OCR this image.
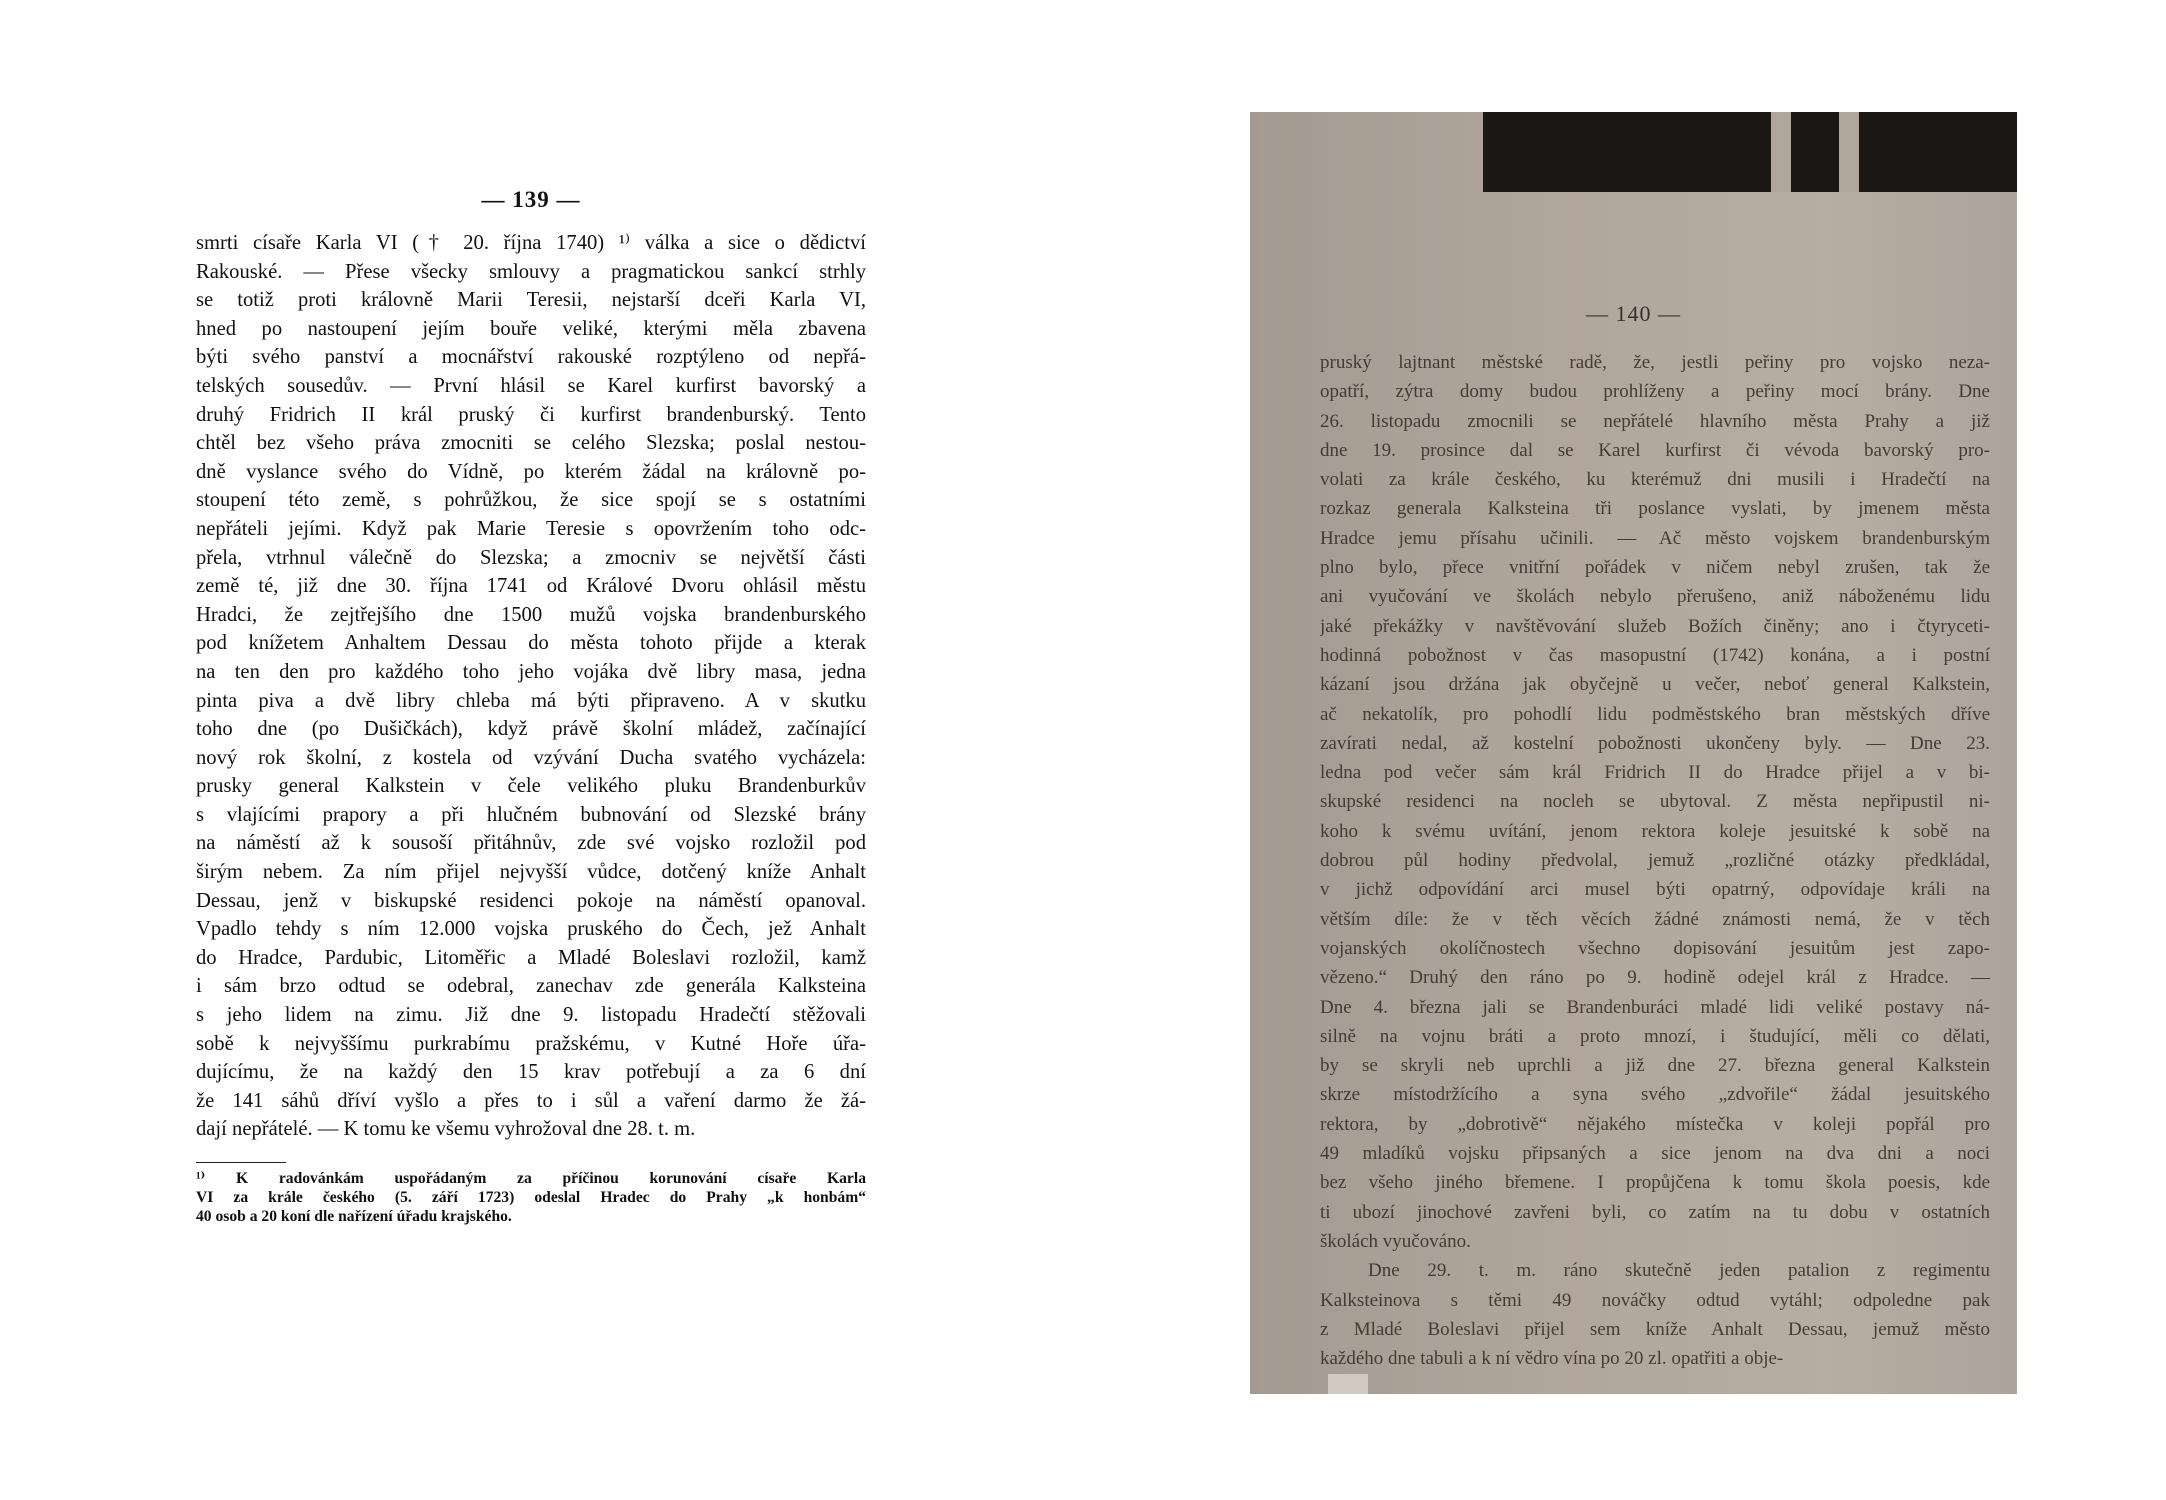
— 139 —
smrti císaře Karla VI († 20. října 1740) ¹⁾ válka a sice o dědictví
Rakouské. — Přese všecky smlouvy a pragmatickou sankcí strhly
se totiž proti královně Marii Teresii, nejstarší dceři Karla VI,
hned po nastoupení jejím bouře veliké, kterými měla zbavena
býti svého panství a mocnářství rakouské rozptýleno od nepřá-
telských sousedův. — První hlásil se Karel kurfirst bavorský a
druhý Fridrich II král pruský či kurfirst brandenburský. Tento
chtěl bez všeho práva zmocniti se celého Slezska; poslal nestou-
dně vyslance svého do Vídně, po kterém žádal na královně po-
stoupení této země, s pohrůžkou, že sice spojí se s ostatními
nepřáteli jejími. Když pak Marie Teresie s opovržením toho odc-
přela, vtrhnul válečně do Slezska; a zmocniv se největší části
země té, již dne 30. října 1741 od Králové Dvoru ohlásil městu
Hradci, že zejtřejšího dne 1500 mužů vojska brandenburského
pod knížetem Anhaltem Dessau do města tohoto přijde a kterak
na ten den pro každého toho jeho vojáka dvě libry masa, jedna
pinta piva a dvě libry chleba má býti připraveno. A v skutku
toho dne (po Dušičkách), když právě školní mládež, začínající
nový rok školní, z kostela od vzývání Ducha svatého vycházela:
prusky general Kalkstein v čele velikého pluku Brandenburkův
s vlajícími prapory a při hlučném bubnování od Slezské brány
na náměstí až k sousoší přitáhnův, zde své vojsko rozložil pod
širým nebem. Za ním přijel nejvyšší vůdce, dotčený kníže Anhalt
Dessau, jenž v biskupské residenci pokoje na náměstí opanoval.
Vpadlo tehdy s ním 12.000 vojska pruského do Čech, jež Anhalt
do Hradce, Pardubic, Litoměřic a Mladé Boleslavi rozložil, kamž
i sám brzo odtud se odebral, zanechav zde generála Kalksteina
s jeho lidem na zimu. Již dne 9. listopadu Hradečtí stěžovali
sobě k nejvyššímu purkrabímu pražskému, v Kutné Hoře úřa-
dujícímu, že na každý den 15 krav potřebují a za 6 dní
že 141 sáhů dříví vyšlo a přes to i sůl a vaření darmo že žá-
dají nepřátelé. — K tomu ke všemu vyhrožoval dne 28. t. m.
¹⁾ K radovánkám uspořádaným za příčinou korunování císaře Karla
VI za krále českého (5. září 1723) odeslal Hradec do Prahy „k honbám“
40 osob a 20 koní dle nařízení úřadu krajského.
— 140 —
pruský lajtnant městské radě, že, jestli peřiny pro vojsko neza-
opatří, zýtra domy budou prohlíženy a peřiny mocí brány. Dne
26. listopadu zmocnili se nepřátelé hlavního města Prahy a již
dne 19. prosince dal se Karel kurfirst či vévoda bavorský pro-
volati za krále českého, ku kterémuž dni musili i Hradečtí na
rozkaz generala Kalksteina tři poslance vyslati, by jmenem města
Hradce jemu přísahu učinili. — Ač město vojskem brandenburským
plno bylo, přece vnitřní pořádek v ničem nebyl zrušen, tak že
ani vyučování ve školách nebylo přerušeno, aniž náboženému lidu
jaké překážky v navštěvování služeb Božích činěny; ano i čtyryceti-
hodinná pobožnost v čas masopustní (1742) konána, a i postní
kázaní jsou držána jak obyčejně u večer, neboť general Kalkstein,
ač nekatolík, pro pohodlí lidu podměstského bran městských dříve
zavírati nedal, až kostelní pobožnosti ukončeny byly. — Dne 23.
ledna pod večer sám král Fridrich II do Hradce přijel a v bi-
skupské residenci na nocleh se ubytoval. Z města nepřipustil ni-
koho k svému uvítání, jenom rektora koleje jesuitské k sobě na
dobrou půl hodiny předvolal, jemuž „rozličné otázky předkládal,
v jichž odpovídání arci musel býti opatrný, odpovídaje králi na
větším díle: že v těch věcích žádné známosti nemá, že v těch
vojanských okolíčnostech všechno dopisování jesuitům jest zapo-
vězeno.“ Druhý den ráno po 9. hodině odejel král z Hradce. —
Dne 4. března jali se Brandenburáci mladé lidi veliké postavy ná-
silně na vojnu bráti a proto mnozí, i študující, měli co dělati,
by se skryli neb uprchli a již dne 27. března general Kalkstein
skrze místodržícího a syna svého „zdvořile“ žádal jesuitského
rektora, by „dobrotivě“ nějakého místečka v koleji popřál pro
49 mladíků vojsku připsaných a sice jenom na dva dni a noci
bez všeho jiného břemene. I propůjčena k tomu škola poesis, kde
ti ubozí jinochové zavřeni byli, co zatím na tu dobu v ostatních
školách vyučováno.
Dne 29. t. m. ráno skutečně jeden patalion z regimentu
Kalksteinova s těmi 49 nováčky odtud vytáhl; odpoledne pak
z Mladé Boleslavi přijel sem kníže Anhalt Dessau, jemuž město
každého dne tabuli a k ní vědro vína po 20 zl. opatřiti a obje-
